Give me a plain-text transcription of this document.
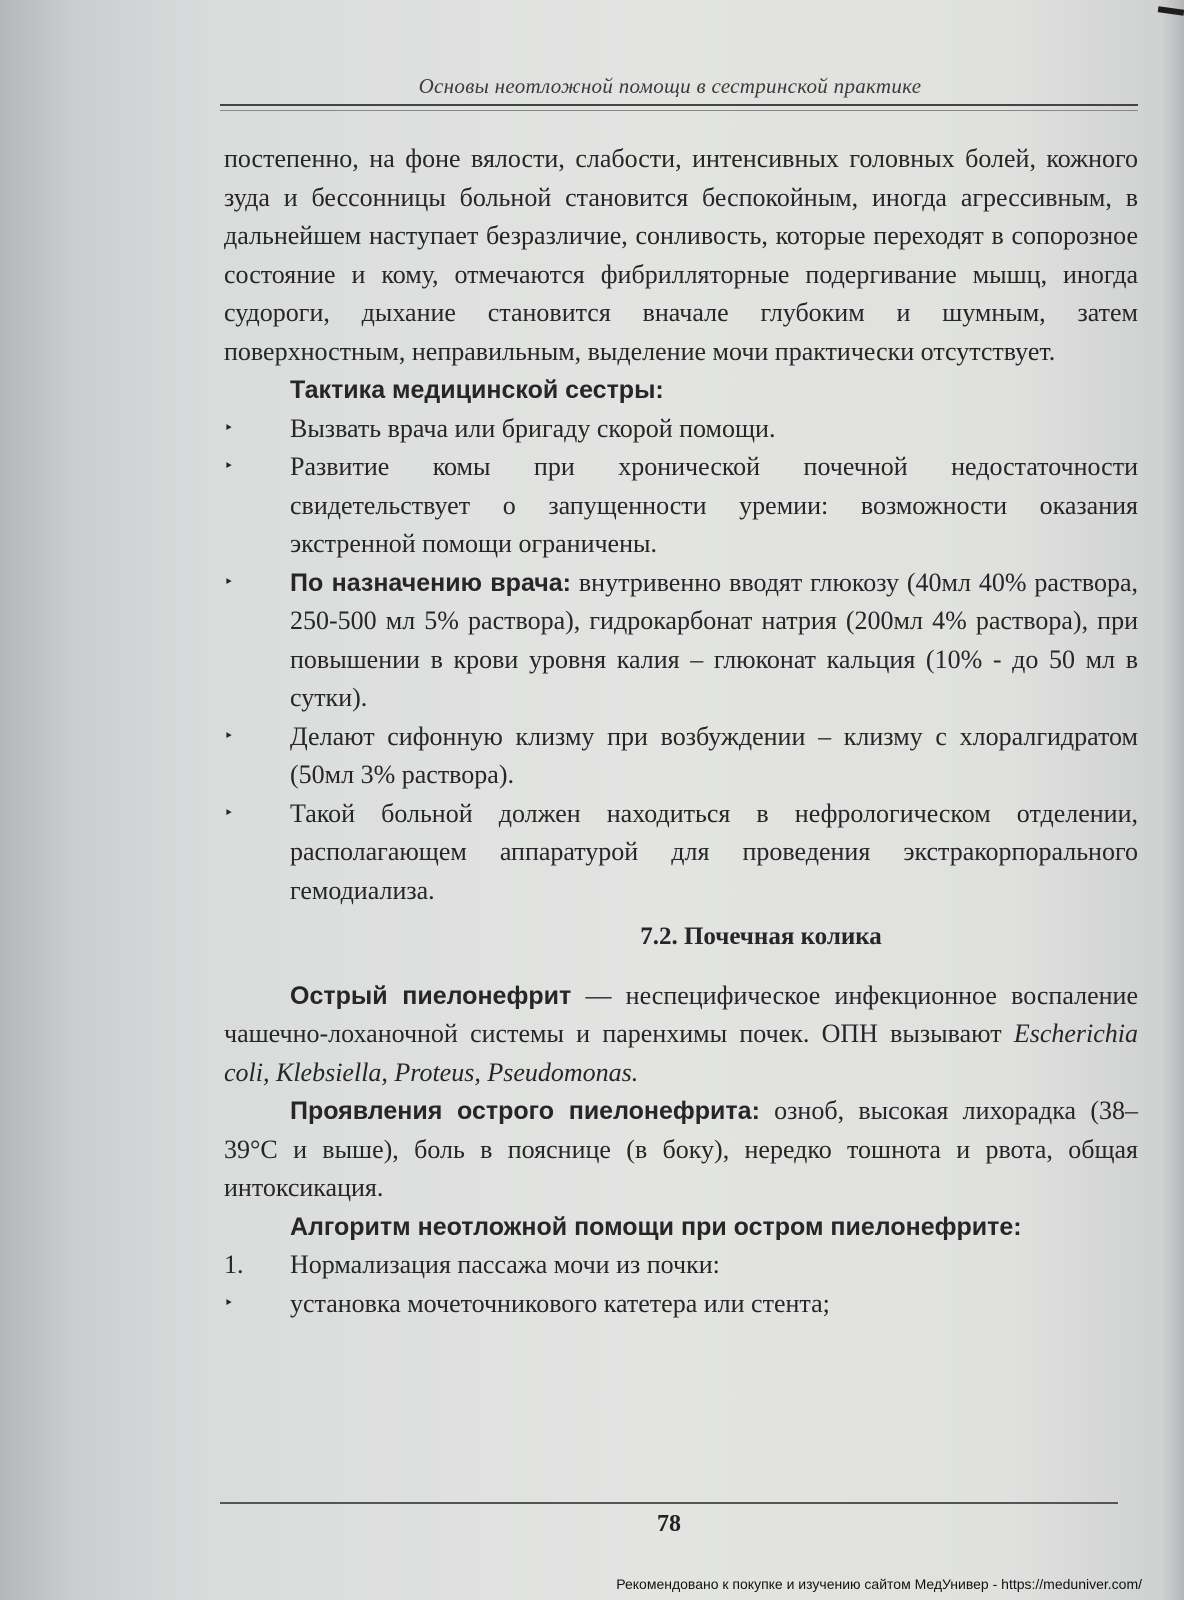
Основы неотложной помощи в сестринской практике

постепенно, на фоне вялости, слабости, интенсивных головных болей, кожного зуда и бессонницы больной становится беспокойным, иногда агрессивным, в дальнейшем наступает безразличие, сонливость, которые переходят в сопорозное состояние и кому, отмечаются фибрилляторные подергивание мышц, иногда судороги, дыхание становится вначале глубоким и шумным, затем поверхностным, неправильным, выделение мочи практически отсутствует.

Тактика медицинской сестры:

‣	Вызвать врача или бригаду скорой помощи.
‣	Развитие комы при хронической почечной недостаточности свидетельствует о запущенности уремии: возможности оказания экстренной помощи ограничены.
‣	По назначению врача: внутривенно вводят глюкозу (40мл 40% раствора, 250-500 мл 5% раствора), гидрокарбонат натрия (200мл 4% раствора), при повышении в крови уровня калия – глюконат кальция (10% - до 50 мл в сутки).
‣	Делают сифонную клизму при возбуждении – клизму с хлоралгидратом (50мл 3% раствора).
‣	Такой больной должен находиться в нефрологическом отделении, располагающем аппаратурой для проведения экстракорпорального гемодиализа.

7.2. Почечная колика

Острый пиелонефрит — неспецифическое инфекционное воспаление чашечно-лоханочной системы и паренхимы почек. ОПН вызывают Escherichia coli, Klebsiella, Proteus, Pseudomonas.

Проявления острого пиелонефрита: озноб, высокая лихорадка (38–39°С и выше), боль в пояснице (в боку), нередко тошнота и рвота, общая интоксикация.

Алгоритм неотложной помощи при остром пиелонефрите:

1. Нормализация пассажа мочи из почки:

‣	установка мочеточникового катетера или стента;
78
Рекомендовано к покупке и изучению сайтом МедУнивер - https://meduniver.com/
